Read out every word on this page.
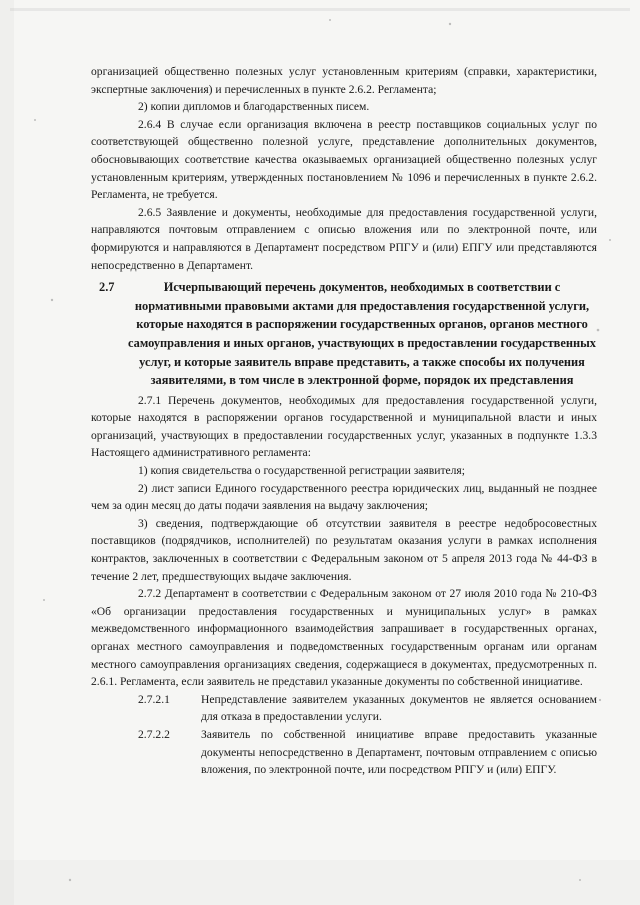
организацией общественно полезных услуг установленным критериям (справки, характеристики, экспертные заключения) и перечисленных в пункте 2.6.2. Регламента;

2) копии дипломов и благодарственных писем.

2.6.4 В случае если организация включена в реестр поставщиков социальных услуг по соответствующей общественно полезной услуге, представление дополнительных документов, обосновывающих соответствие качества оказываемых организацией общественно полезных услуг установленным критериям, утвержденных постановлением № 1096 и перечисленных в пункте 2.6.2. Регламента, не требуется.

2.6.5 Заявление и документы, необходимые для предоставления государственной услуги, направляются почтовым отправлением с описью вложения или по электронной почте, или формируются и направляются в Департамент посредством РПГУ и (или) ЕПГУ или представляются непосредственно в Департамент.

2.7	Исчерпывающий перечень документов, необходимых в соответствии с нормативными правовыми актами для предоставления государственной услуги, которые находятся в распоряжении государственных органов, органов местного самоуправления и иных органов, участвующих в предоставлении государственных услуг, и которые заявитель вправе представить, а также способы их получения заявителями, в том числе в электронной форме, порядок их представления

2.7.1 Перечень документов, необходимых для предоставления государственной услуги, которые находятся в распоряжении органов государственной и муниципальной власти и иных организаций, участвующих в предоставлении государственных услуг, указанных в подпункте 1.3.3 Настоящего административного регламента:

1) копия свидетельства о государственной регистрации заявителя;

2) лист записи Единого государственного реестра юридических лиц, выданный не позднее чем за один месяц до даты подачи заявления на выдачу заключения;

3) сведения, подтверждающие об отсутствии заявителя в реестре недобросовестных поставщиков (подрядчиков, исполнителей) по результатам оказания услуги в рамках исполнения контрактов, заключенных в соответствии с Федеральным законом от 5 апреля 2013 года № 44-ФЗ в течение 2 лет, предшествующих выдаче заключения.

2.7.2 Департамент в соответствии с Федеральным законом от 27 июля 2010 года № 210-ФЗ «Об организации предоставления государственных и муниципальных услуг» в рамках межведомственного информационного взаимодействия запрашивает в государственных органах, органах местного самоуправления и подведомственных государственным органам или органам местного самоуправления организациях сведения, содержащиеся в документах, предусмотренных п. 2.6.1. Регламента, если заявитель не представил указанные документы по собственной инициативе.

2.7.2.1	Непредставление заявителем указанных документов не является основанием для отказа в предоставлении услуги.
2.7.2.2	Заявитель по собственной инициативе вправе предоставить указанные документы непосредственно в Департамент, почтовым отправлением с описью вложения, по электронной почте, или посредством РПГУ и (или) ЕПГУ.
